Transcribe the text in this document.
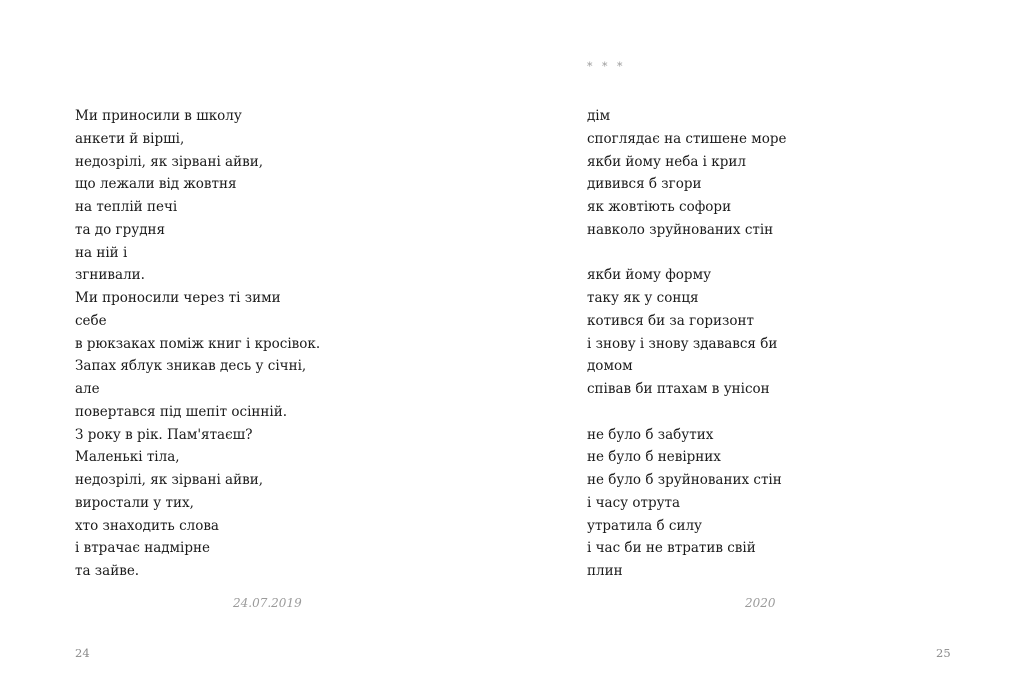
Ми приносили в школу
анкети й вірші,
недозрілі, як зірвані айви,
що лежали від жовтня
на теплій печі
та до грудня
на ній і
згнивали.
Ми проносили через ті зими
себе
в рюкзаках поміж книг і кросівок.
Запах яблук зникав десь у січні,
але
повертався під шепіт осінній.
З року в рік. Пам'ятаєш?
Маленькі тіла,
недозрілі, як зірвані айви,
виростали у тих,
хто знаходить слова
і втрачає надмірне
та зайве.
24.07.2019
24
* * *
дім
споглядає на стишене море
якби йому неба і крил
дивився б згори
як жовтіють софори
навколо зруйнованих стін
якби йому форму
таку як у сонця
котився би за горизонт
і знову і знову здавався би
домом
співав би птахам в унісон
не було б забутих
не було б невірних
не було б зруйнованих стін
і часу отрута
утратила б силу
і час би не втратив свій
плин
2020
25
